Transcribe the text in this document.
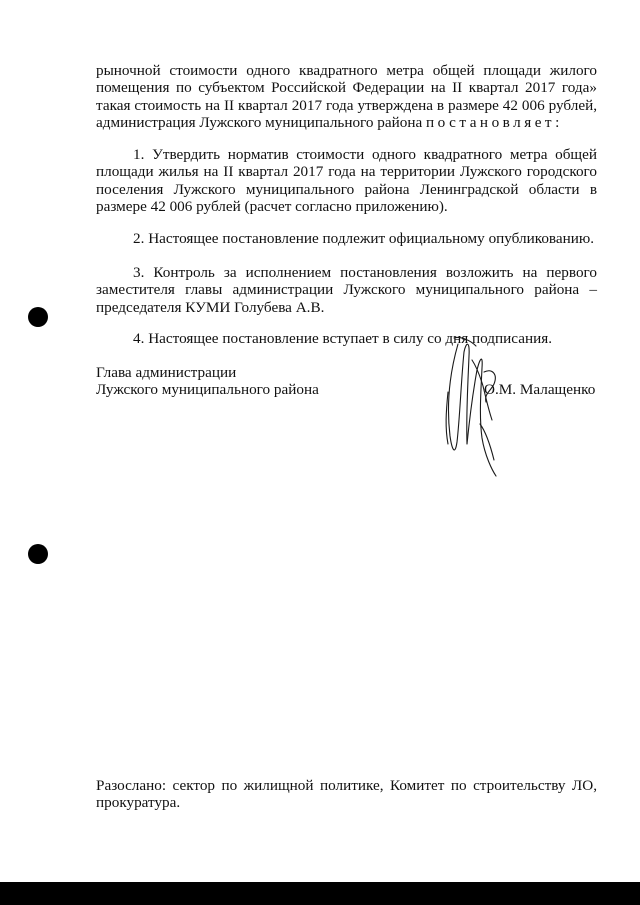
рыночной стоимости одного квадратного метра общей площади жилого помещения по субъектом Российской Федерации на II квартал 2017 года» такая стоимость на II квартал 2017 года утверждена в размере 42 006 рублей, администрация Лужского муниципального района постановляет:

1. Утвердить норматив стоимости одного квадратного метра общей площади жилья на II квартал 2017 года на территории Лужского городского поселения Лужского муниципального района Ленинградской области в размере 42 006 рублей (расчет согласно приложению).

2. Настоящее постановление подлежит официальному опубликованию.

3. Контроль за исполнением постановления возложить на первого заместителя главы администрации Лужского муниципального района – председателя КУМИ Голубева А.В.

4. Настоящее постановление вступает в силу со дня подписания.

Глава администрации
Лужского муниципального района	О.М. Малащенко

Разослано: сектор по жилищной политике, Комитет по строительству ЛО, прокуратура.
